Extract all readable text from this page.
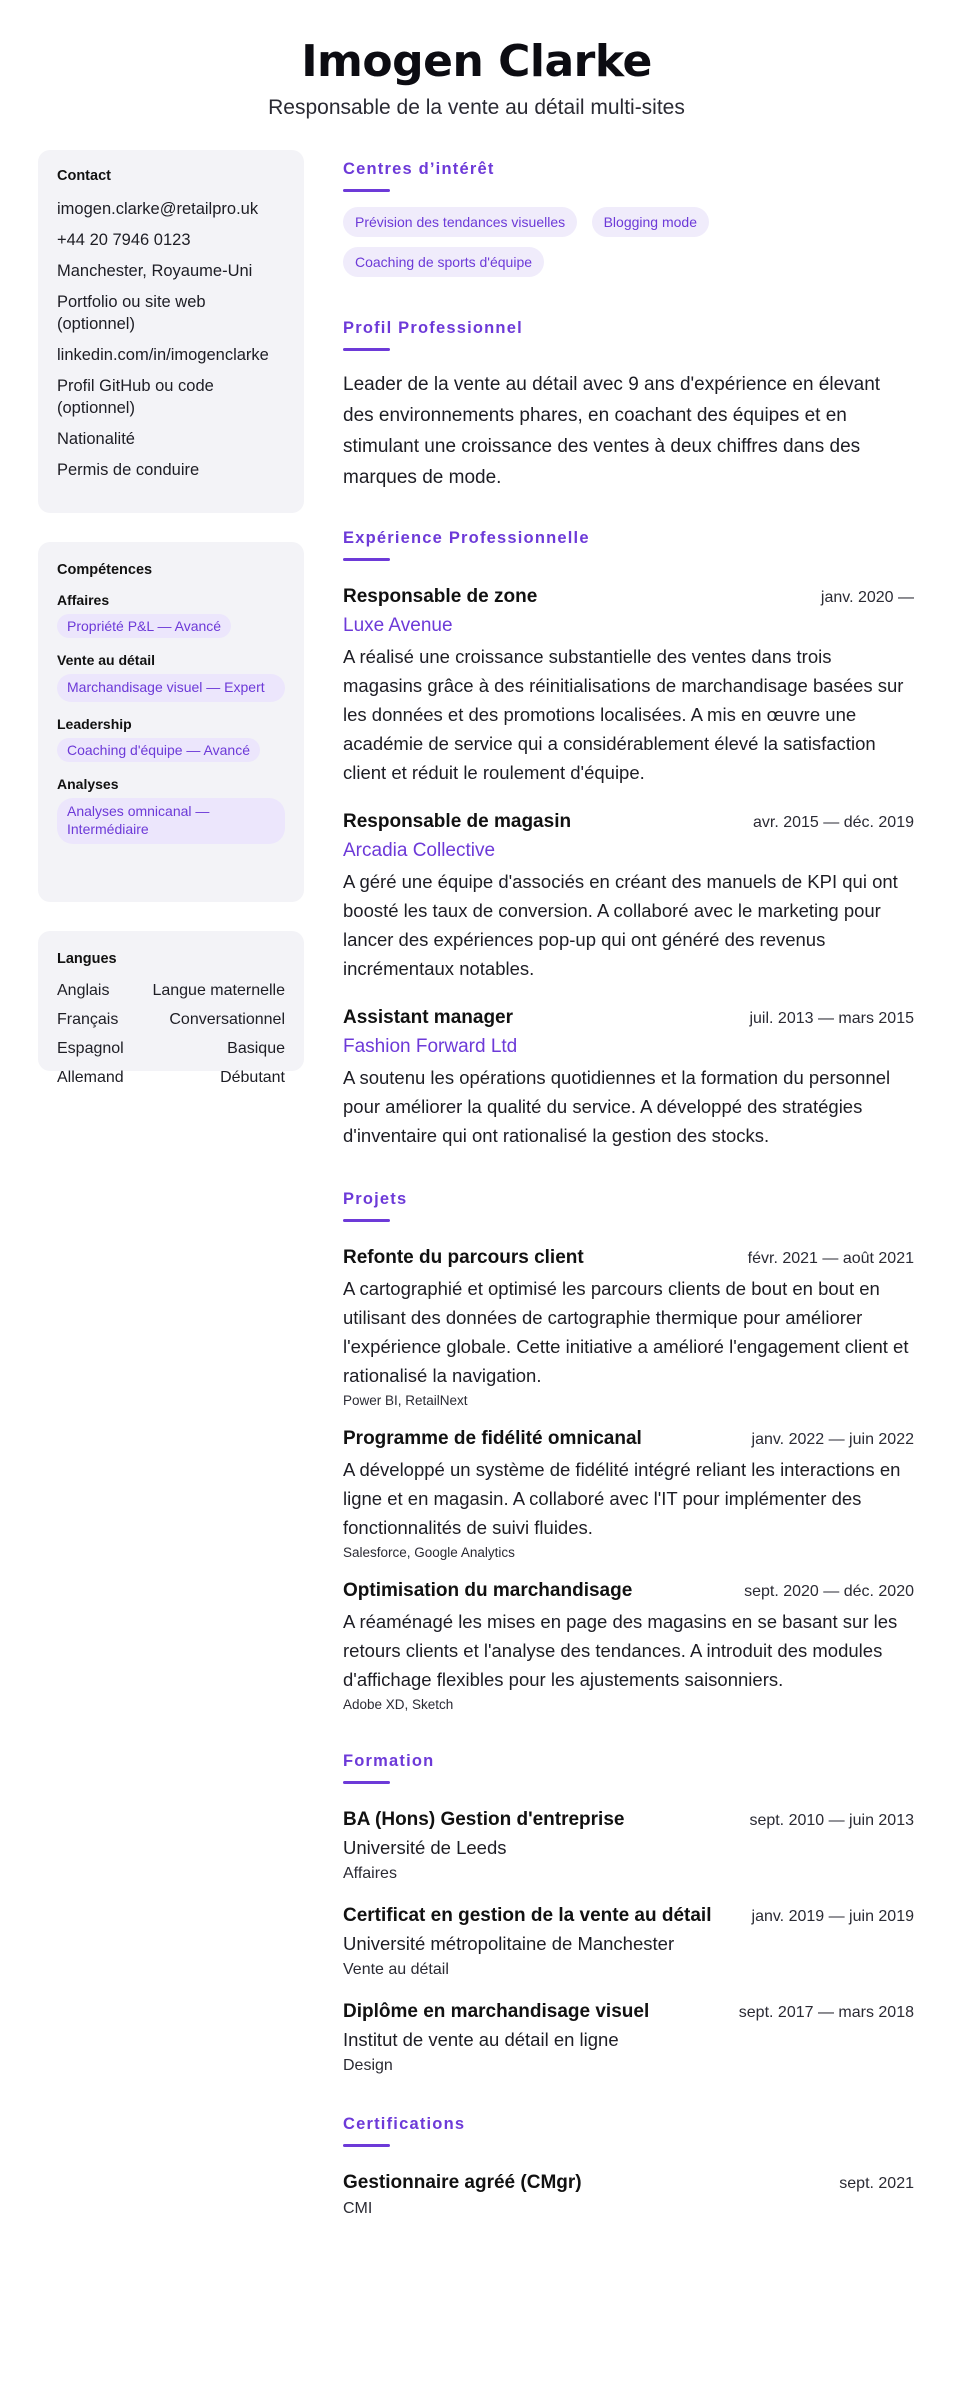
Imogen Clarke
Responsable de la vente au détail multi-sites
Contact
imogen.clarke@retailpro.uk
+44 20 7946 0123
Manchester, Royaume-Uni
Portfolio ou site web (optionnel)
linkedin.com/in/imogenclarke
Profil GitHub ou code (optionnel)
Nationalité
Permis de conduire
Compétences
Affaires
Propriété P&L — Avancé
Vente au détail
Marchandisage visuel — Expert
Leadership
Coaching d'équipe — Avancé
Analyses
Analyses omnicanal — Intermédiaire
Langues
Anglais	Langue maternelle
Français	Conversationnel
Espagnol	Basique
Allemand	Débutant
Centres d’intérêt
Prévision des tendances visuelles	Blogging mode Coaching de sports d'équipe
Profil Professionnel

Leader de la vente au détail avec 9 ans d'expérience en élevant des environnements phares, en coachant des équipes et en stimulant une croissance des ventes à deux chiffres dans des marques de mode.

Expérience Professionnelle
Responsable de zone	janv. 2020 —
Luxe Avenue

A réalisé une croissance substantielle des ventes dans trois magasins grâce à des réinitialisations de marchandisage basées sur les données et des promotions localisées. A mis en œuvre une académie de service qui a considérablement élevé la satisfaction client et réduit le roulement d'équipe.

Responsable de magasin	avr. 2015 — déc. 2019
Arcadia Collective

A géré une équipe d'associés en créant des manuels de KPI qui ont boosté les taux de conversion. A collaboré avec le marketing pour lancer des expériences pop-up qui ont généré des revenus incrémentaux notables.

Assistant manager	juil. 2013 — mars 2015
Fashion Forward Ltd

A soutenu les opérations quotidiennes et la formation du personnel pour améliorer la qualité du service. A développé des stratégies d'inventaire qui ont rationalisé la gestion des stocks.

Projets
Refonte du parcours client	févr. 2021 — août 2021

A cartographié et optimisé les parcours clients de bout en bout en utilisant des données de cartographie thermique pour améliorer l'expérience globale. Cette initiative a amélioré l'engagement client et rationalisé la navigation.

Power BI, RetailNext
Programme de fidélité omnicanal	janv. 2022 — juin 2022

A développé un système de fidélité intégré reliant les interactions en ligne et en magasin. A collaboré avec l'IT pour implémenter des fonctionnalités de suivi fluides.

Salesforce, Google Analytics
Optimisation du marchandisage	sept. 2020 — déc. 2020

A réaménagé les mises en page des magasins en se basant sur les retours clients et l'analyse des tendances. A introduit des modules d'affichage flexibles pour les ajustements saisonniers.

Adobe XD, Sketch
Formation
BA (Hons) Gestion d'entreprise	sept. 2010 — juin 2013
Université de Leeds
Affaires
Certificat en gestion de la vente au détail	janv. 2019 — juin 2019
Université métropolitaine de Manchester
Vente au détail
Diplôme en marchandisage visuel	sept. 2017 — mars 2018
Institut de vente au détail en ligne
Design
Certifications
Gestionnaire agréé (CMgr)	sept. 2021
CMI
